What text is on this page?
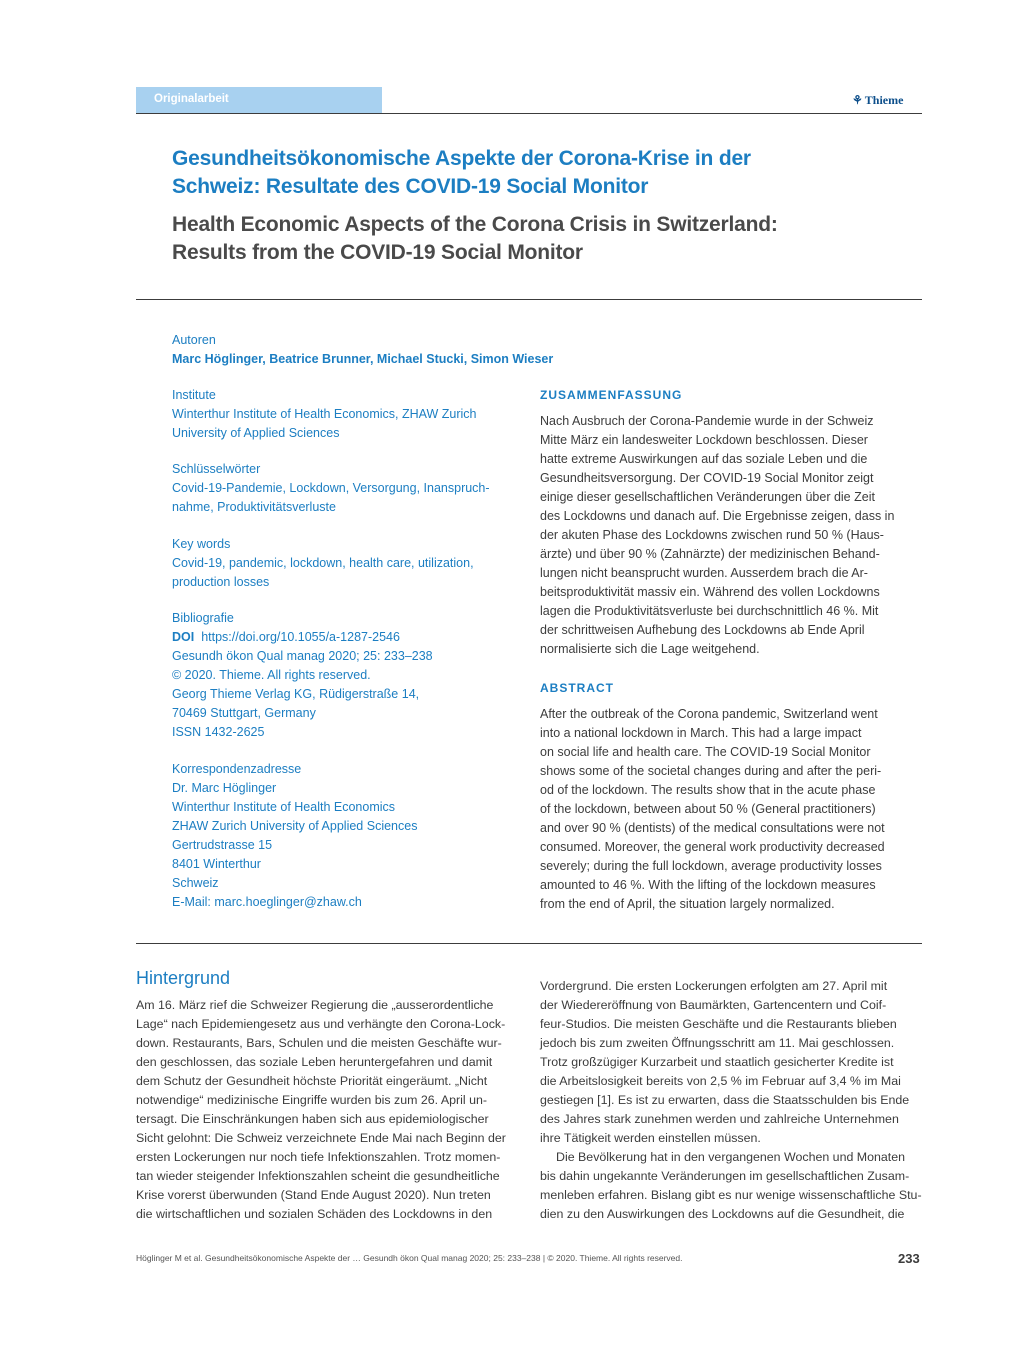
Originalarbeit	⚘ Thieme
Gesundheitsökonomische Aspekte der Corona-Krise in der
Schweiz: Resultate des COVID-19 Social Monitor
Health Economic Aspects of the Corona Crisis in Switzerland:
Results from the COVID-19 Social Monitor
Autoren
Marc Höglinger, Beatrice Brunner, Michael Stucki, Simon Wieser
Institute
Winterthur Institute of Health Economics, ZHAW Zurich
University of Applied Sciences
Schlüsselwörter
Covid-19-Pandemie, Lockdown, Versorgung, Inanspruch-
nahme, Produktivitätsverluste
Key words
Covid-19, pandemic, lockdown, health care, utilization,
production losses
Bibliografie
DOI https://doi.org/10.1055/a-1287-2546
Gesundh ökon Qual manag 2020; 25: 233–238
© 2020. Thieme. All rights reserved.
Georg Thieme Verlag KG, Rüdigerstraße 14,
70469 Stuttgart, Germany
ISSN 1432-2625
Korrespondenzadresse
Dr. Marc Höglinger
Winterthur Institute of Health Economics
ZHAW Zurich University of Applied Sciences
Gertrudstrasse 15
8401 Winterthur
Schweiz
E-Mail: marc.hoeglinger@zhaw.ch
ZUSAMMENFASSUNG
Nach Ausbruch der Corona-Pandemie wurde in der Schweiz
Mitte März ein landesweiter Lockdown beschlossen. Dieser
hatte extreme Auswirkungen auf das soziale Leben und die
Gesundheitsversorgung. Der COVID-19 Social Monitor zeigt
einige dieser gesellschaftlichen Veränderungen über die Zeit
des Lockdowns und danach auf. Die Ergebnisse zeigen, dass in
der akuten Phase des Lockdowns zwischen rund 50 % (Haus-
ärzte) und über 90 % (Zahnärzte) der medizinischen Behand-
lungen nicht beansprucht wurden. Ausserdem brach die Ar-
beitsproduktivität massiv ein. Während des vollen Lockdowns
lagen die Produktivitätsverluste bei durchschnittlich 46 %. Mit
der schrittweisen Aufhebung des Lockdowns ab Ende April
normalisierte sich die Lage weitgehend.
ABSTRACT
After the outbreak of the Corona pandemic, Switzerland went
into a national lockdown in March. This had a large impact
on social life and health care. The COVID-19 Social Monitor
shows some of the societal changes during and after the peri-
od of the lockdown. The results show that in the acute phase
of the lockdown, between about 50 % (General practitioners)
and over 90 % (dentists) of the medical consultations were not
consumed. Moreover, the general work productivity decreased
severely; during the full lockdown, average productivity losses
amounted to 46 %. With the lifting of the lockdown measures
from the end of April, the situation largely normalized.
Hintergrund
Am 16. März rief die Schweizer Regierung die „ausserordentliche
Lage“ nach Epidemiengesetz aus und verhängte den Corona-Lock-
down. Restaurants, Bars, Schulen und die meisten Geschäfte wur-
den geschlossen, das soziale Leben heruntergefahren und damit
dem Schutz der Gesundheit höchste Priorität eingeräumt. „Nicht
notwendige“ medizinische Eingriffe wurden bis zum 26. April un-
tersagt. Die Einschränkungen haben sich aus epidemiologischer
Sicht gelohnt: Die Schweiz verzeichnete Ende Mai nach Beginn der
ersten Lockerungen nur noch tiefe Infektionszahlen. Trotz momen-
tan wieder steigender Infektionszahlen scheint die gesundheitliche
Krise vorerst überwunden (Stand Ende August 2020). Nun treten
die wirtschaftlichen und sozialen Schäden des Lockdowns in den
Vordergrund. Die ersten Lockerungen erfolgten am 27. April mit
der Wiedereröffnung von Baumärkten, Gartencentern und Coif-
feur-Studios. Die meisten Geschäfte und die Restaurants blieben
jedoch bis zum zweiten Öffnungsschritt am 11. Mai geschlossen.
Trotz großzügiger Kurzarbeit und staatlich gesicherter Kredite ist
die Arbeitslosigkeit bereits von 2,5 % im Februar auf 3,4 % im Mai
gestiegen [1]. Es ist zu erwarten, dass die Staatsschulden bis Ende
des Jahres stark zunehmen werden und zahlreiche Unternehmen
ihre Tätigkeit werden einstellen müssen.
Die Bevölkerung hat in den vergangenen Wochen und Monaten
bis dahin ungekannte Veränderungen im gesellschaftlichen Zusam-
menleben erfahren. Bislang gibt es nur wenige wissenschaftliche Stu-
dien zu den Auswirkungen des Lockdowns auf die Gesundheit, die
Höglinger M et al. Gesundheitsökonomische Aspekte der … Gesundh ökon Qual manag 2020; 25: 233–238 | © 2020. Thieme. All rights reserved.	233
